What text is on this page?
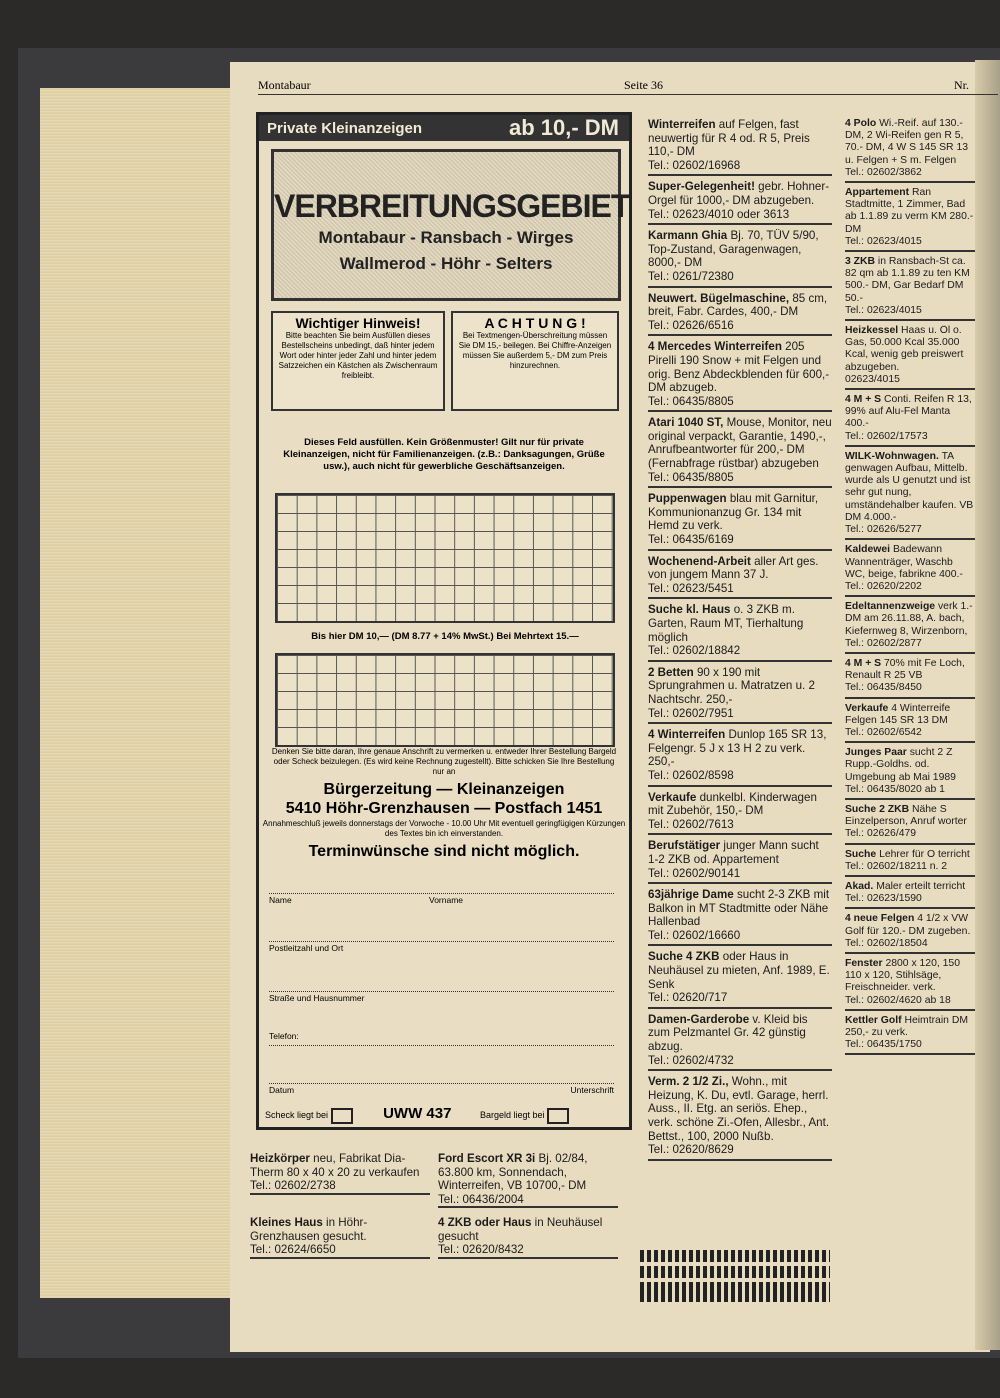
Montabaur	Seite 36	Nr.
Private Kleinanzeigen	ab 10,- DM
VERBREITUNGSGEBIET
Montabaur - Ransbach - Wirges
Wallmerod - Höhr - Selters
Wichtiger Hinweis!
Bitte beachten Sie beim Ausfüllen dieses Bestellscheins unbedingt, daß hinter jedem Wort oder hinter jeder Zahl und hinter jedem Satzzeichen ein Kästchen als Zwischenraum freibleibt.
A C H T U N G !
Bei Textmengen-Überschreitung müssen Sie DM 15,- beilegen. Bei Chiffre-Anzeigen müssen Sie außerdem 5,- DM zum Preis hinzurechnen.
Dieses Feld ausfüllen. Kein Größenmuster! Gilt nur für private Kleinanzeigen, nicht für Familienanzeigen. (z.B.: Danksagungen, Grüße usw.), auch nicht für gewerbliche Geschäftsanzeigen.
Bis hier DM 10,— (DM 8.77 + 14% MwSt.) Bei Mehrtext 15.—
Denken Sie bitte daran, Ihre genaue Anschrift zu vermerken u. entweder Ihrer Bestellung Bargeld oder Scheck beizulegen. (Es wird keine Rechnung zugestellt). Bitte schicken Sie Ihre Bestellung nur an
Bürgerzeitung — Kleinanzeigen
5410 Höhr-Grenzhausen — Postfach 1451
Annahmeschluß jeweils donnerstags der Vorwoche - 10.00 Uhr Mit eventuell geringfügigen Kürzungen des Textes bin ich einverstanden.
Terminwünsche sind nicht möglich.
Name	Vorname
Postleitzahl und Ort
Straße und Hausnummer
Telefon:
Datum	Unterschrift
Scheck liegt bei	UWW 437	Bargeld liegt bei
Winterreifen auf Felgen, fast neuwertig für R 4 od. R 5, Preis 110,- DM
Tel.: 02602/16968
Super-Gelegenheit! gebr. Hohner-Orgel für 1000,- DM abzugeben.
Tel.: 02623/4010 oder 3613
Karmann Ghia Bj. 70, TÜV 5/90, Top-Zustand, Garagenwagen, 8000,- DM
Tel.: 0261/72380
Neuwert. Bügelmaschine, 85 cm, breit, Fabr. Cardes, 400,- DM
Tel.: 02626/6516
4 Mercedes Winterreifen 205 Pirelli 190 Snow + mit Felgen und orig. Benz Abdeckblenden für 600,- DM abzugeb.
Tel.: 06435/8805
Atari 1040 ST, Mouse, Monitor, neu original verpackt, Garantie, 1490,-, Anrufbeantworter für 200,- DM (Fernabfrage rüstbar) abzugeben
Tel.: 06435/8805
Puppenwagen blau mit Garnitur, Kommunionanzug Gr. 134 mit Hemd zu verk.
Tel.: 06435/6169
Wochenend-Arbeit aller Art ges. von jungem Mann 37 J.
Tel.: 02623/5451
Suche kl. Haus o. 3 ZKB m. Garten, Raum MT, Tierhaltung möglich
Tel.: 02602/18842
2 Betten 90 x 190 mit Sprungrahmen u. Matratzen u. 2 Nachtschr. 250,-
Tel.: 02602/7951
4 Winterreifen Dunlop 165 SR 13, Felgengr. 5 J x 13 H 2 zu verk. 250,-
Tel.: 02602/8598
Verkaufe dunkelbl. Kinderwagen mit Zubehör, 150,- DM
Tel.: 02602/7613
Berufstätiger junger Mann sucht 1-2 ZKB od. Appartement
Tel.: 02602/90141
63jährige Dame sucht 2-3 ZKB mit Balkon in MT Stadtmitte oder Nähe Hallenbad
Tel.: 02602/16660
Suche 4 ZKB oder Haus in Neuhäusel zu mieten, Anf. 1989, E. Senk
Tel.: 02620/717
Damen-Garderobe v. Kleid bis zum Pelzmantel Gr. 42 günstig abzug.
Tel.: 02602/4732
Verm. 2 1/2 Zi., Wohn., mit Heizung, K. Du, evtl. Garage, herrl. Auss., II. Etg. an seriös. Ehep., verk. schöne Zi.-Ofen, Allesbr., Ant. Bettst., 100, 2000 Nußb.
Tel.: 02620/8629
4 Polo Wi.-Reif. auf 130.- DM, 2 Wi-Reifen gen R 5, 70.- DM, 4 W S 145 SR 13 u. Felgen + S m. Felgen
Tel.: 02602/3862
Appartement Ran Stadtmitte, 1 Zimmer, Bad ab 1.1.89 zu verm KM 280.- DM
Tel.: 02623/4015
3 ZKB in Ransbach-St ca. 82 qm ab 1.1.89 zu ten KM 500.- DM, Gar Bedarf DM 50.-
Tel.: 02623/4015
Heizkessel Haas u. Öl o. Gas, 50.000 Kcal 35.000 Kcal, wenig geb preiswert abzugeben.
02623/4015
4 M + S Conti. Reifen R 13, 99% auf Alu-Fel Manta 400.-
Tel.: 02602/17573
WILK-Wohnwagen. TA genwagen Aufbau, Mittelb. wurde als U genutzt und ist sehr gut nung, umständehalber kaufen. VB DM 4.000.-
Tel.: 02626/5277
Kaldewei Badewann Wannenträger, Waschb WC, beige, fabrikne 400.-
Tel.: 02620/2202
Edeltannenzweige verk 1.- DM am 26.11.88, A. bach, Kiefernweg 8, Wirzenborn,
Tel.: 02602/2877
4 M + S 70% mit Fe Loch, Renault R 25 VB
Tel.: 06435/8450
Verkaufe 4 Winterreife Felgen 145 SR 13 DM
Tel.: 02602/6542
Junges Paar sucht 2 Z Rupp.-Goldhs. od. Umgebung ab Mai 1989
Tel.: 06435/8020 ab 1
Suche 2 ZKB Nähe S Einzelperson, Anruf worter
Tel.: 02626/479
Suche Lehrer für O terricht
Tel.: 02602/18211 n. 2
Akad. Maler erteilt terricht
Tel.: 02623/1590
4 neue Felgen 4 1/2 x VW Golf für 120.- DM zugeben.
Tel.: 02602/18504
Fenster 2800 x 120, 150 110 x 120, Stihlsäge, Freischneider. verk.
Tel.: 02602/4620 ab 18
Kettler Golf Heimtrain DM 250,- zu verk.
Tel.: 06435/1750
Heizkörper neu, Fabrikat Dia-Therm 80 x 40 x 20 zu verkaufen
Tel.: 02602/2738
Ford Escort XR 3i Bj. 02/84, 63.800 km, Sonnendach, Winterreifen, VB 10700,- DM
Tel.: 06436/2004
Kleines Haus in Höhr-Grenzhausen gesucht.
Tel.: 02624/6650
4 ZKB oder Haus in Neuhäusel gesucht
Tel.: 02620/8432
